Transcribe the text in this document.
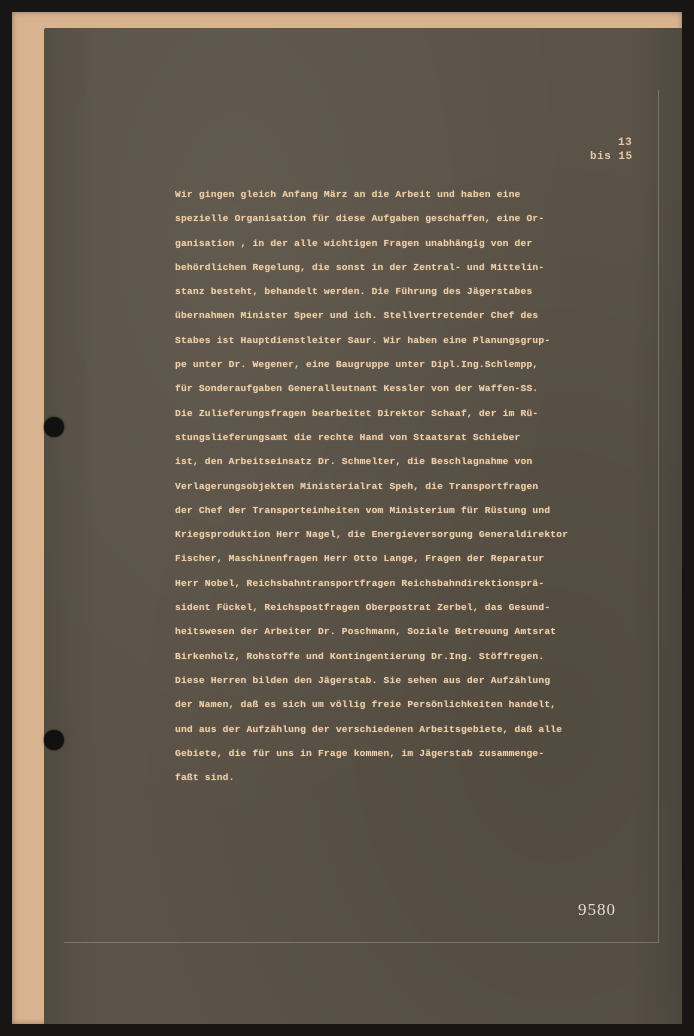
13
bis 15
Wir gingen gleich Anfang März an die Arbeit und haben eine
spezielle Organisation für diese Aufgaben geschaffen, eine Or-
ganisation , in der alle wichtigen Fragen unabhängig von der
behördlichen Regelung, die sonst in der Zentral- und Mittelin-
stanz besteht, behandelt werden. Die Führung des Jägerstabes
übernahmen Minister Speer und ich. Stellvertretender Chef des
Stabes ist Hauptdienstleiter Saur. Wir haben eine Planungsgrup-
pe unter Dr. Wegener, eine Baugruppe unter Dipl.Ing.Schlempp,
für Sonderaufgaben Generalleutnant Kessler von der Waffen-SS.
Die Zulieferungsfragen bearbeitet Direktor Schaaf, der im Rü-
stungslieferungsamt die rechte Hand von Staatsrat Schieber
ist, den Arbeitseinsatz Dr. Schmelter, die Beschlagnahme von
Verlagerungsobjekten Ministerialrat Speh, die Transportfragen
der Chef der Transporteinheiten vom Ministerium für Rüstung und
Kriegsproduktion Herr Nagel, die Energieversorgung Generaldirektor
Fischer, Maschinenfragen Herr Otto Lange, Fragen der Reparatur
Herr Nobel, Reichsbahntransportfragen Reichsbahndirektionsprä-
sident Fückel, Reichspostfragen Oberpostrat Zerbel, das Gesund-
heitswesen der Arbeiter Dr. Poschmann, Soziale Betreuung Amtsrat
Birkenholz, Rohstoffe und Kontingentierung Dr.Ing. Stöffregen.
Diese Herren bilden den Jägerstab. Sie sehen aus der Aufzählung
der Namen, daß es sich um völlig freie Persönlichkeiten handelt,
und aus der Aufzählung der verschiedenen Arbeitsgebiete, daß alle
Gebiete, die für uns in Frage kommen, im Jägerstab zusammenge-
faßt sind.
9580
